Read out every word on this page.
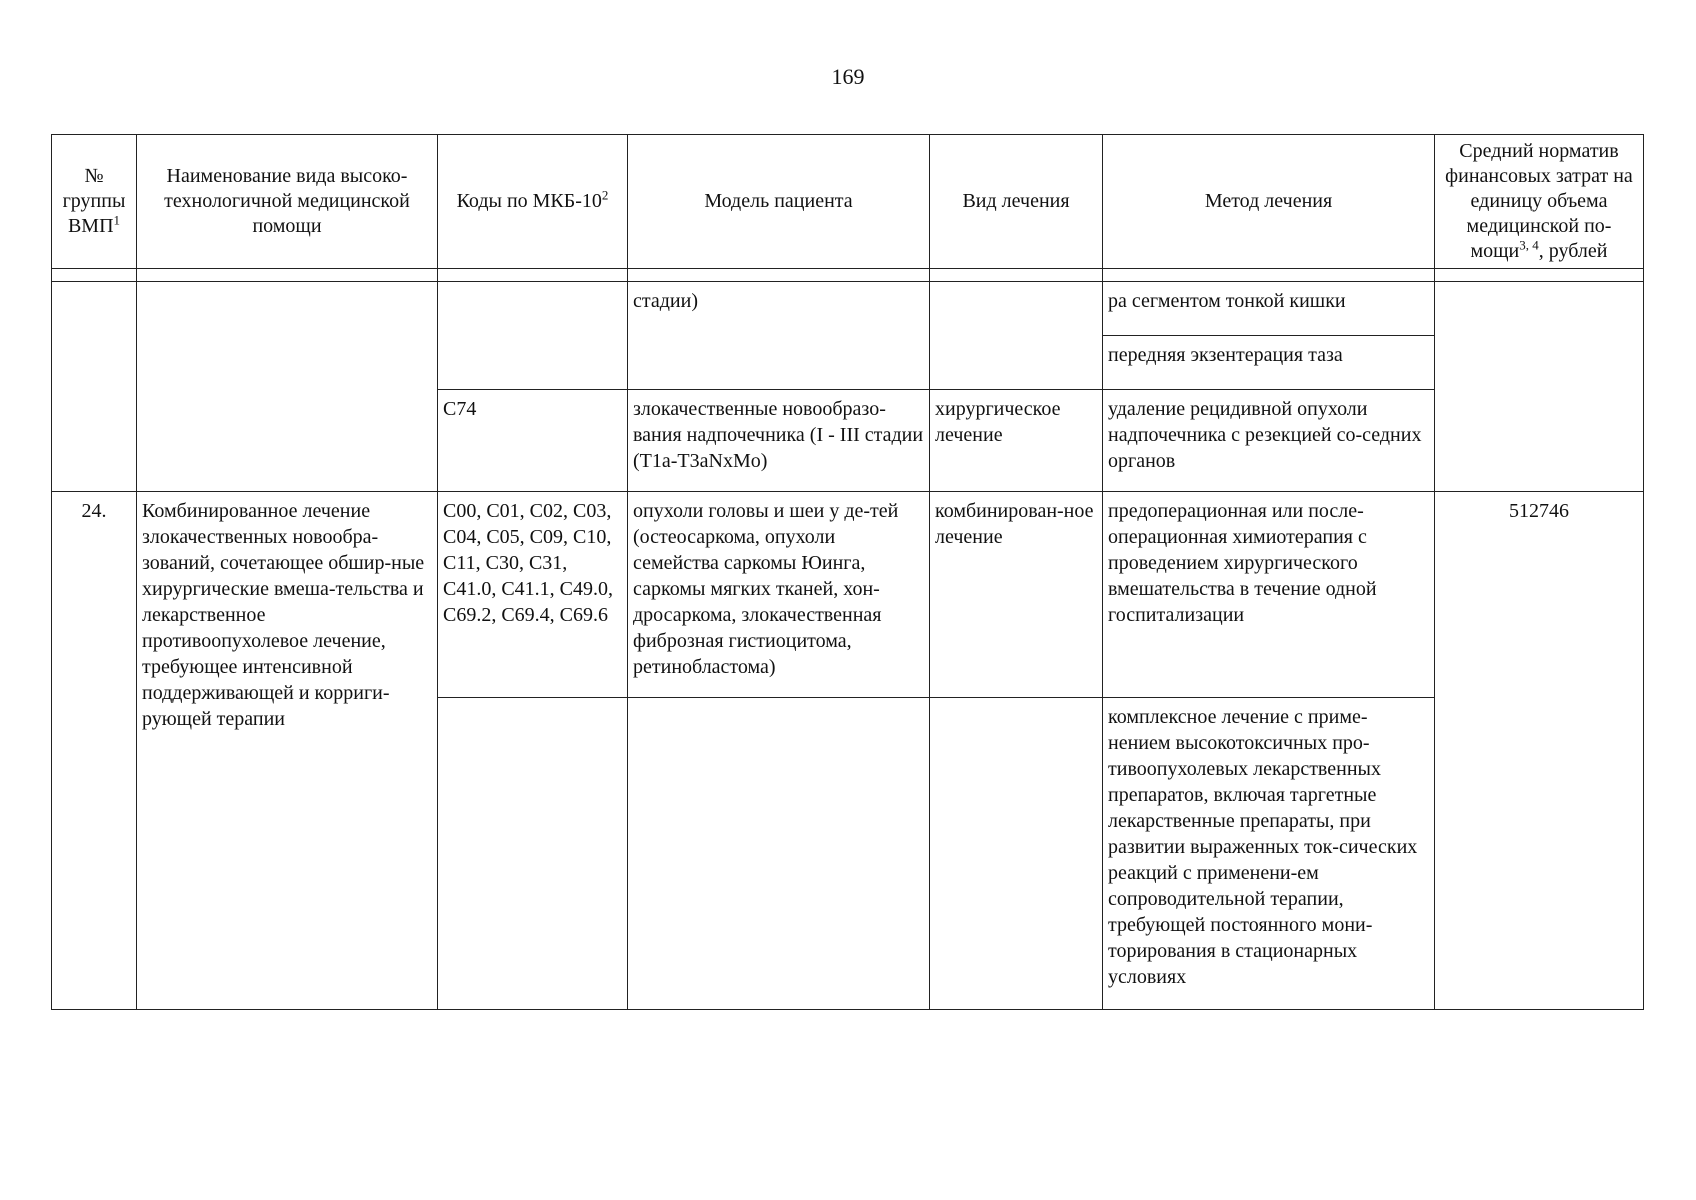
169
№ группы ВМП$^1$	Наименование вида высоко-технологичной медицинской помощи	Коды по МКБ-$10^2$	Модель пациента	Вид лечения	Метод лечения	Средний норматив финансовых затрат на единицу объема медицинской по-мощи$^{3, 4}$, рублей

			стадии)		ра сегментом тонкой кишки	
					передняя экзентерация таза	
		C74	злокачественные новообразо-вания надпочечника (I - III стадии (T1a-T3aNxMo)	хирургическое лечение	удаление рецидивной опухоли надпочечника с резекцией со-седних органов	
24.	Комбинированное лечение злокачественных новообра-зований, сочетающее обшир-ные хирургические вмеша-тельства и лекарственное противоопухолевое лечение, требующее интенсивной поддерживающей и корриги-рующей терапии	C00, C01, C02, C03, C04, C05, C09, C10, C11, C30, C31, C41.0, C41.1, C49.0, C69.2, C69.4, C69.6	опухоли головы и шеи у де-тей (остеосаркома, опухоли семейства саркомы Юинга, саркомы мягких тканей, хон-дросаркома, злокачественная фиброзная гистиоцитома, ретинобластома)	комбинирован-ное лечение	предоперационная или после-операционная химиотерапия с проведением хирургического вмешательства в течение одной госпитализации	512746
					комплексное лечение с приме-нением высокотоксичных про-тивоопухолевых лекарственных препаратов, включая таргетные лекарственные препараты, при развитии выраженных ток-сических реакций с применени-ем сопроводительной терапии, требующей постоянного мони-торирования в стационарных условиях	
